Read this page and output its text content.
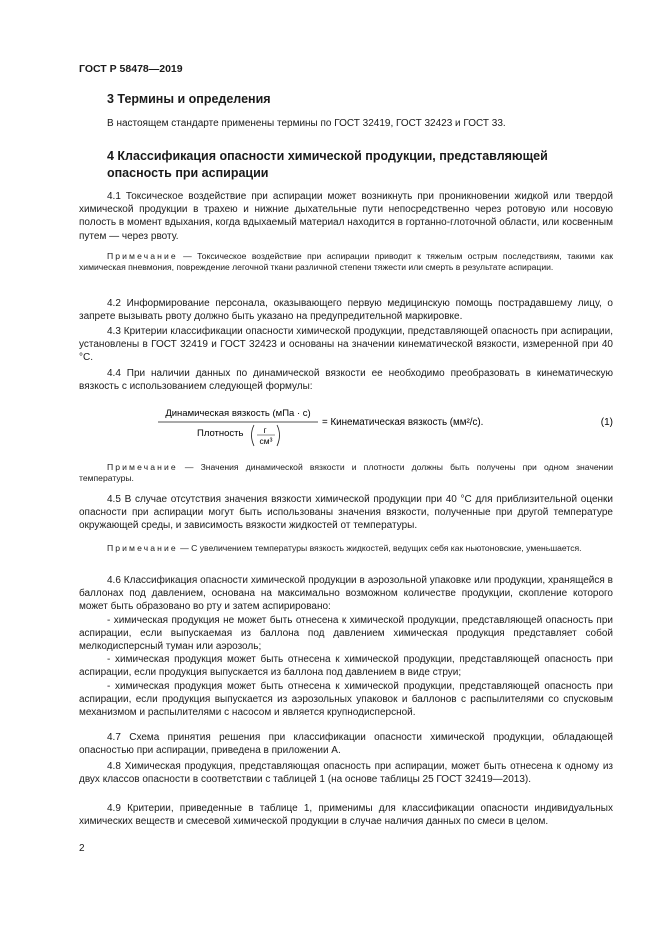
ГОСТ Р 58478—2019
3 Термины и определения

В настоящем стандарте применены термины по ГОСТ 32419, ГОСТ 32423 и ГОСТ 33.

4 Классификация опасности химической продукции, представляющей опасность при аспирации

4.1 Токсическое воздействие при аспирации может возникнуть при проникновении жидкой или твердой химической продукции в трахею и нижние дыхательные пути непосредственно через ротовую или носовую полость в момент вдыхания, когда вдыхаемый материал находится в гортанно-глоточной области, или косвенным путем — через рвоту.

Примечание — Токсическое воздействие при аспирации приводит к тяжелым острым последствиям, такими как химическая пневмония, повреждение легочной ткани различной степени тяжести или смерть в результате аспирации.

4.2 Информирование персонала, оказывающего первую медицинскую помощь пострадавшему лицу, о запрете вызывать рвоту должно быть указано на предупредительной маркировке.

4.3 Критерии классификации опасности химической продукции, представляющей опасность при аспирации, установлены в ГОСТ 32419 и ГОСТ 32423 и основаны на значении кинематической вязкости, измеренной при 40 °С.

4.4 При наличии данных по динамической вязкости ее необходимо преобразовать в кинематическую вязкость с использованием следующей формулы:

Динамическая вязкость (мПа · с)
Плотность г
см³
= Кинематическая вязкость (мм²/с).	(1)

Примечание — Значения динамической вязкости и плотности должны быть получены при одном значении температуры.

4.5 В случае отсутствия значения вязкости химической продукции при 40 °С для приблизительной оценки опасности при аспирации могут быть использованы значения вязкости, полученные при другой температуре окружающей среды, и зависимость вязкости жидкостей от температуры.

Примечание — С увеличением температуры вязкость жидкостей, ведущих себя как ньютоновские, уменьшается.

4.6 Классификация опасности химической продукции в аэрозольной упаковке или продукции, хранящейся в баллонах под давлением, основана на максимально возможном количестве продукции, скопление которого может быть образовано во рту и затем аспирировано:

- химическая продукция не может быть отнесена к химической продукции, представляющей опасность при аспирации, если выпускаемая из баллона под давлением химическая продукция представляет собой мелкодисперсный туман или аэрозоль;

- химическая продукция может быть отнесена к химической продукции, представляющей опасность при аспирации, если продукция выпускается из баллона под давлением в виде струи;

- химическая продукция может быть отнесена к химической продукции, представляющей опасность при аспирации, если продукция выпускается из аэрозольных упаковок и баллонов с распылителями со спусковым механизмом и распылителями с насосом и является крупнодисперсной.

4.7 Схема принятия решения при классификации опасности химической продукции, обладающей опасностью при аспирации, приведена в приложении А.

4.8 Химическая продукция, представляющая опасность при аспирации, может быть отнесена к одному из двух классов опасности в соответствии с таблицей 1 (на основе таблицы 25 ГОСТ 32419—2013).

4.9 Критерии, приведенные в таблице 1, применимы для классификации опасности индивидуальных химических веществ и смесевой химической продукции в случае наличия данных по смеси в целом.

2
